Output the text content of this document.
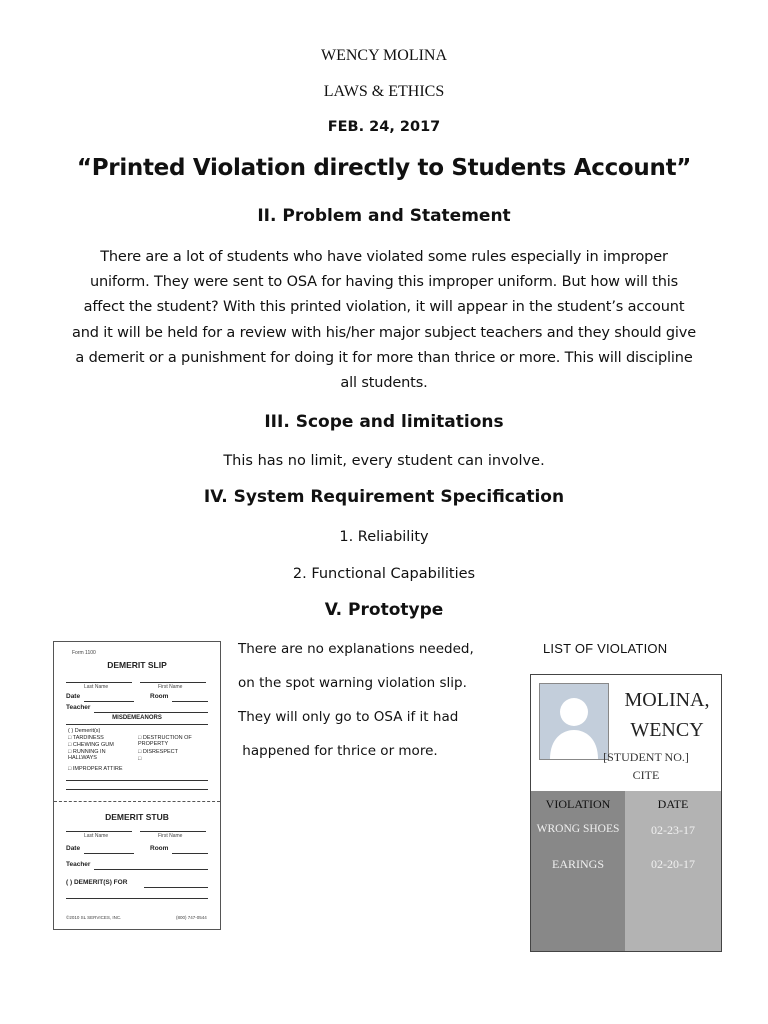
WENCY MOLINA
LAWS & ETHICS
FEB. 24, 2017
“Printed Violation directly to Students Account”
II. Problem and Statement
There are a lot of students who have violated some rules especially in improper
uniform. They were sent to OSA for having this improper uniform. But how will this
affect the student? With this printed violation, it will appear in the student’s account
and it will be held for a review with his/her major subject teachers and they should give
a demerit or a punishment for doing it for more than thrice or more. This will discipline
all students.
III. Scope and limitations
This has no limit, every student can involve.
IV. System Requirement Specification
1. Reliability
2. Functional Capabilities
V. Prototype
Form 1100
DEMERIT SLIP
Last Name	First Name
Date	Room
Teacher
MISDEMEANORS
( ) Demerit(s)
□ TARDINESS
□ CHEWING GUM
□ RUNNING IN HALLWAYS
□ IMPROPER ATTIRE
□ DESTRUCTION OF PROPERTY
□ DISRESPECT
□
DEMERIT STUB
Last Name	First Name
Date	Room
Teacher
( ) DEMERIT(S) FOR
©2010 SL SERVICES, INC.	(800) 747-0544
There are no explanations needed,
on the spot warning violation slip.
They will only go to OSA if it had
happened for thrice or more.
LIST OF VIOLATION
MOLINA,
WENCY
[STUDENT NO.]
CITE
VIOLATION	DATE
WRONG SHOES	02-23-17
EARINGS	02-20-17
